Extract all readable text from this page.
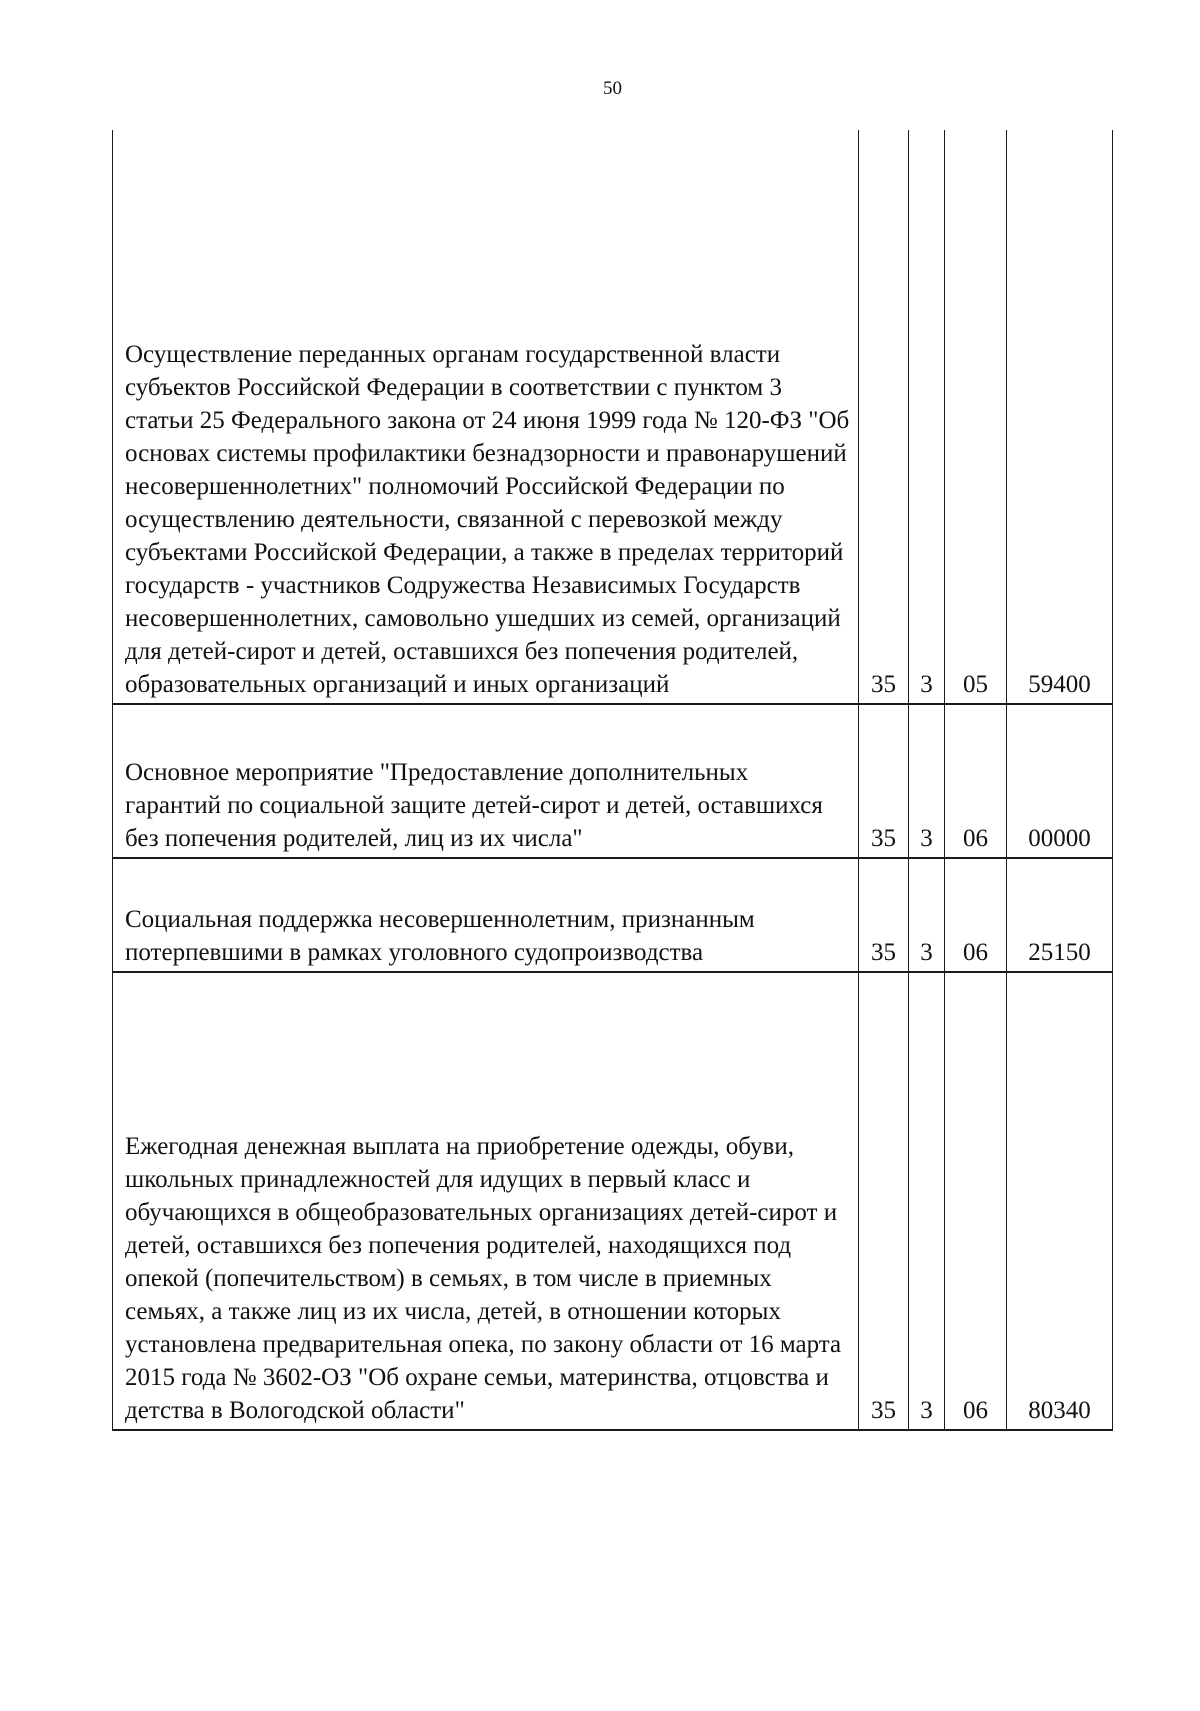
50
Осуществление переданных органам государственной власти субъектов Российской Федерации в соответствии с пунктом 3 статьи 25 Федерального закона от 24 июня 1999 года № 120-ФЗ "Об основах системы профилактики безнадзорности и правонарушений несовершеннолетних" полномочий Российской Федерации по осуществлению деятельности, связанной с перевозкой между субъектами Российской Федерации, а также в пределах территорий государств - участников Содружества Независимых Государств несовершеннолетних, самовольно ушедших из семей, организаций для детей-сирот и детей, оставшихся без попечения родителей, образовательных организаций и иных организаций	35	3	05	59400

Основное мероприятие "Предоставление дополнительных гарантий по социальной защите детей-сирот и детей, оставшихся без попечения родителей, лиц из их числа"	35	3	06	00000

Социальная поддержка несовершеннолетним, признанным потерпевшими в рамках уголовного судопроизводства	35	3	06	25150

Ежегодная денежная выплата на приобретение одежды, обуви, школьных принадлежностей для идущих в первый класс и обучающихся в общеобразовательных организациях детей-сирот и детей, оставшихся без попечения родителей, находящихся под опекой (попечительством) в семьях, в том числе в приемных семьях, а также лиц из их числа, детей, в отношении которых установлена предварительная опека, по закону области от 16 марта 2015 года № 3602-ОЗ "Об охране семьи, материнства, отцовства и детства в Вологодской области"	35	3	06	80340
